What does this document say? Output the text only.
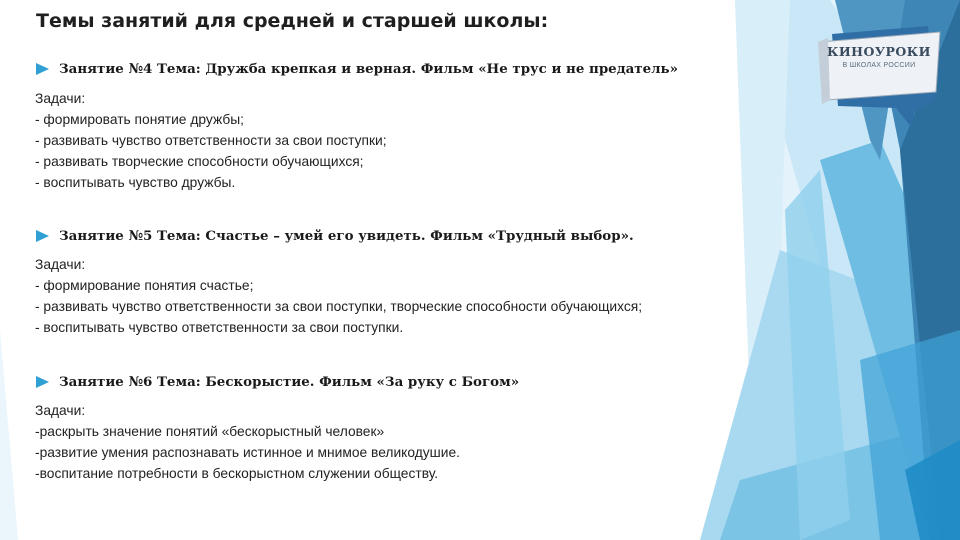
КИНОУРОКИ
В ШКОЛАХ РОССИИ
Темы занятий для средней и старшей школы:
Занятие №4 Тема: Дружба крепкая и верная. Фильм «Не трус и не предатель»
Задачи:
- формировать понятие дружбы;
- развивать чувство ответственности за свои поступки;
- развивать творческие способности обучающихся;
- воспитывать чувство дружбы.
Занятие №5 Тема: Счастье – умей его увидеть. Фильм «Трудный выбор».
Задачи:
- формирование понятия счастье;
- развивать чувство ответственности за свои поступки, творческие способности обучающихся;
- воспитывать чувство ответственности за свои поступки.
Занятие №6 Тема: Бескорыстие. Фильм «За руку с Богом»
Задачи:
-раскрыть значение понятий «бескорыстный человек»
-развитие умения распознавать истинное и мнимое великодушие.
-воспитание потребности в бескорыстном служении обществу.
